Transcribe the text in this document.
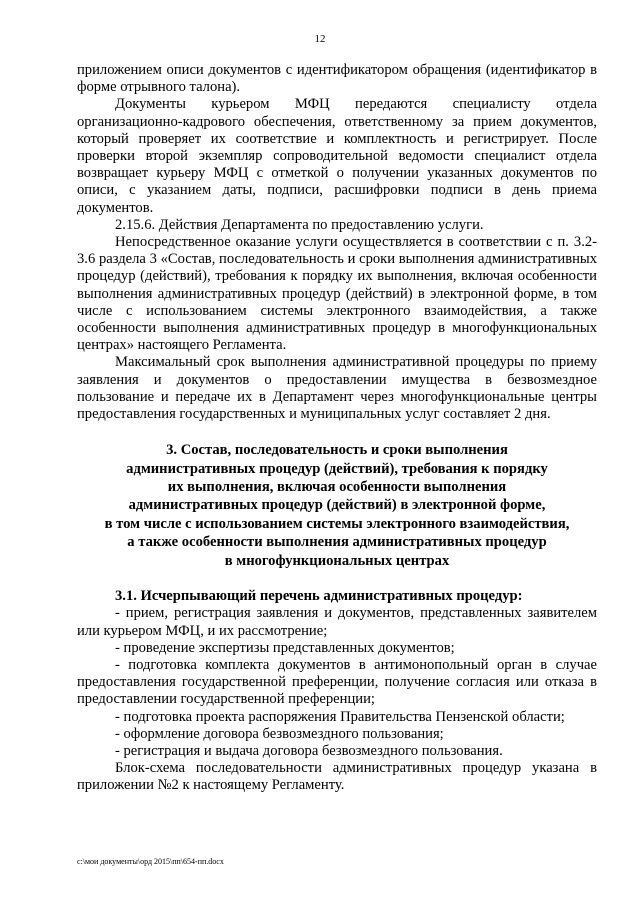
12

приложением описи документов с идентификатором обращения (идентификатор в форме отрывного талона).

Документы курьером МФЦ передаются специалисту отдела организационно-кадрового обеспечения, ответственному за прием документов, который проверяет их соответствие и комплектность и регистрирует. После проверки второй экземпляр сопроводительной ведомости специалист отдела возвращает курьеру МФЦ с отметкой о получении указанных документов по описи, с указанием даты, подписи, расшифровки подписи в день приема документов.

2.15.6. Действия Департамента по предоставлению услуги.

Непосредственное оказание услуги осуществляется в соответствии с п. 3.2-3.6 раздела 3 «Состав, последовательность и сроки выполнения административных процедур (действий), требования к порядку их выполнения, включая особенности выполнения административных процедур (действий) в электронной форме, в том числе с использованием системы электронного взаимодействия, а также особенности выполнения административных процедур в многофункциональных центрах» настоящего Регламента.

Максимальный срок выполнения административной процедуры по приему заявления и документов о предоставлении имущества в безвозмездное пользование и передаче их в Департамент через многофункциональные центры предоставления государственных и муниципальных услуг составляет 2 дня.

3. Состав, последовательность и сроки выполнения
административных процедур (действий), требования к порядку
их выполнения, включая особенности выполнения
административных процедур (действий) в электронной форме,
в том числе с использованием системы электронного взаимодействия,
а также особенности выполнения административных процедур
в многофункциональных центрах

3.1. Исчерпывающий перечень административных процедур:

- прием, регистрация заявления и документов, представленных заявителем или курьером МФЦ, и их рассмотрение;

- проведение экспертизы представленных документов;

- подготовка комплекта документов в антимонопольный орган в случае предоставления государственной преференции, получение согласия или отказа в предоставлении государственной преференции;

- подготовка проекта распоряжения Правительства Пензенской области;

- оформление договора безвозмездного пользования;

- регистрация и выдача договора безвозмездного пользования.

Блок-схема последовательности административных процедур указана в приложении №2 к настоящему Регламенту.

c:\мои документы\орд 2015\пп\654-пп.docx
